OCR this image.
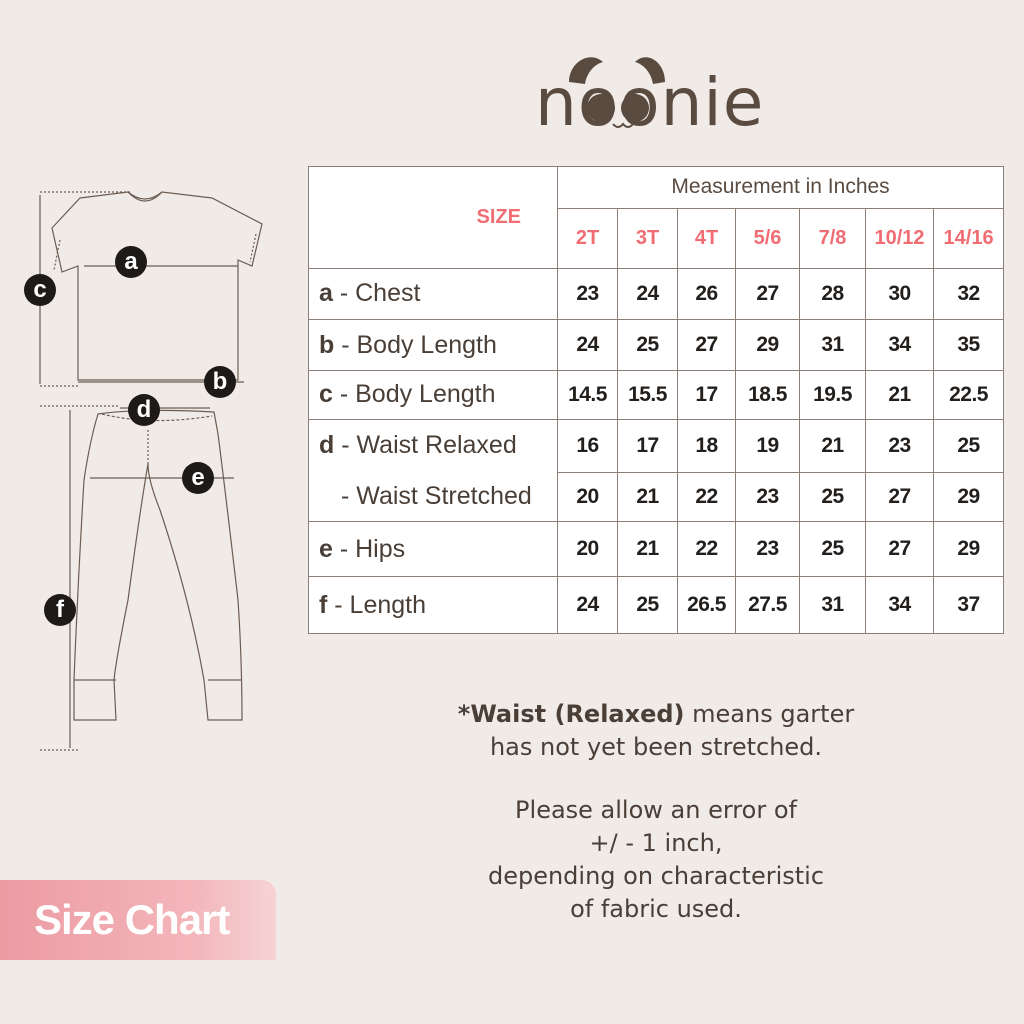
noonie
a
b
c
d
e
f
SIZE	Measurement in Inches						
	2T	3T	4T	5/6	7/8	10/12	14/16
a - Chest	23	24	26	27	28	30	32
b - Body Length	24	25	27	29	31	34	35
c - Body Length	14.5	15.5	17	18.5	19.5	21	22.5
d - Waist Relaxed	16	17	18	19	21	23	25
- Waist Stretched	20	21	22	23	25	27	29
e - Hips	20	21	22	23	25	27	29
f - Length	24	25	26.5	27.5	31	34	37

*Waist (Relaxed) means garter

has not yet been stretched.

Please allow an error of

+/ - 1 inch,

depending on characteristic

of fabric used.

Size Chart
